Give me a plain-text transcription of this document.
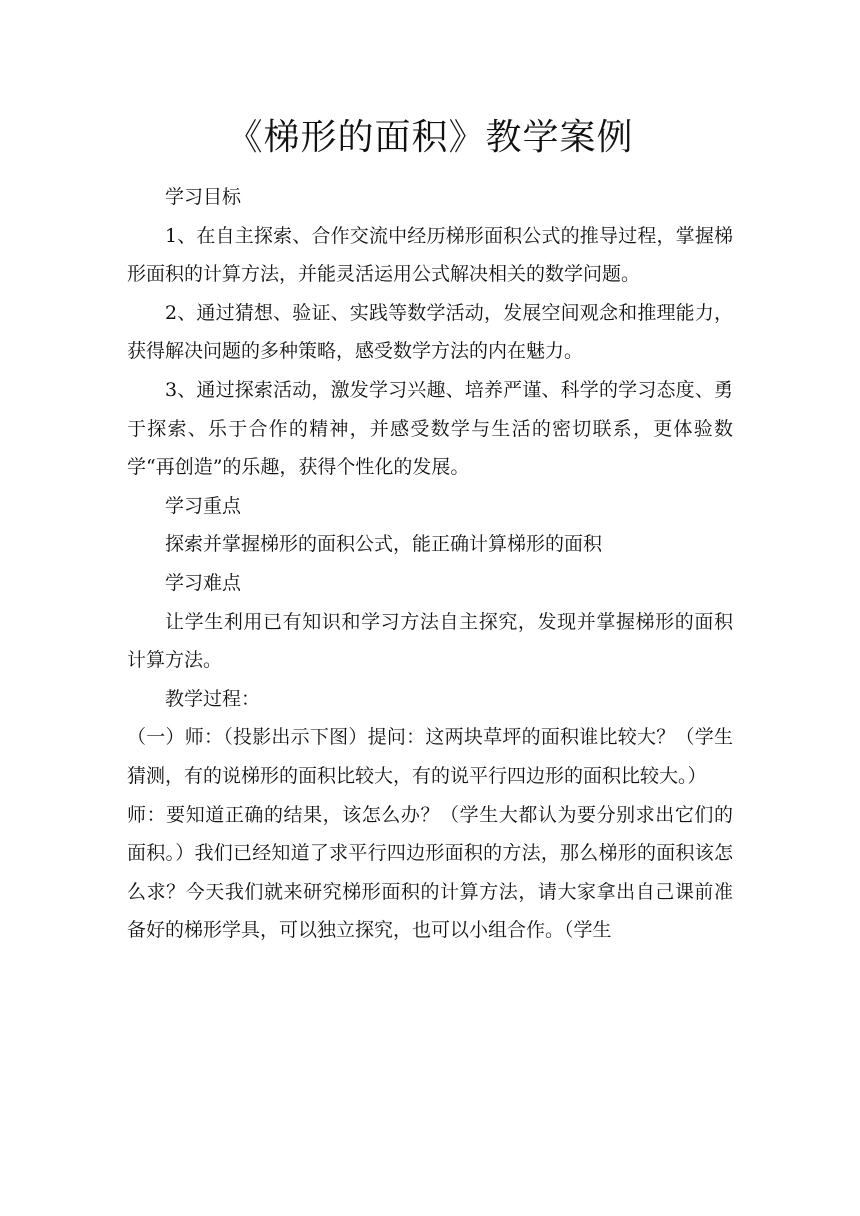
《梯形的面积》教学案例

学习目标

1、在自主探索、合作交流中经历梯形面积公式的推导过程，掌握梯形面积的计算方法，并能灵活运用公式解决相关的数学问题。

2、通过猜想、验证、实践等数学活动，发展空间观念和推理能力，获得解决问题的多种策略，感受数学方法的内在魅力。

3、通过探索活动，激发学习兴趣、培养严谨、科学的学习态度、勇于探索、乐于合作的精神，并感受数学与生活的密切联系，更体验数学“再创造”的乐趣，获得个性化的发展。

学习重点

探索并掌握梯形的面积公式，能正确计算梯形的面积

学习难点

让学生利用已有知识和学习方法自主探究，发现并掌握梯形的面积计算方法。

教学过程：

（一）师：（投影出示下图）提问：这两块草坪的面积谁比较大？（学生猜测，有的说梯形的面积比较大，有的说平行四边形的面积比较大。）

师：要知道正确的结果，该怎么办？（学生大都认为要分别求出它们的面积。）我们已经知道了求平行四边形面积的方法，那么梯形的面积该怎么求？今天我们就来研究梯形面积的计算方法，请大家拿出自己课前准备好的梯形学具，可以独立探究，也可以小组合作。（学生
